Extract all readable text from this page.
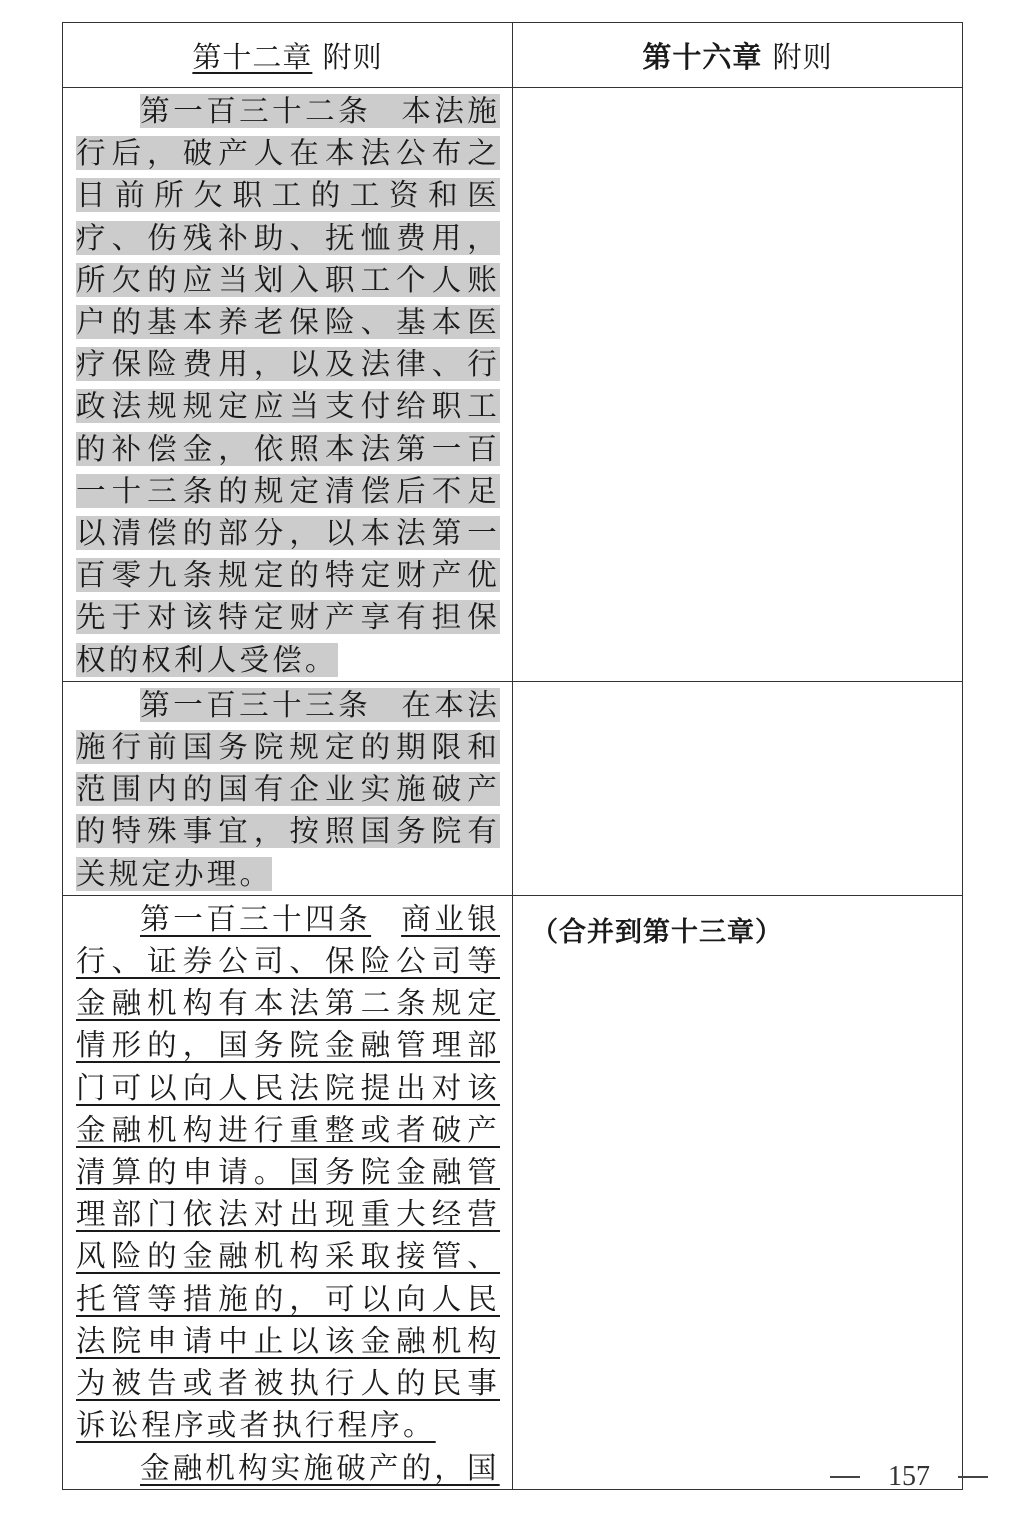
第十二章 附则	第十六章 附则

第一百三十二条 本法施行后，破产人在本法公布之日前所欠职工的工资和医疗、伤残补助、抚恤费用，所欠的应当划入职工个人账户的基本养老保险、基本医疗保险费用，以及法律、行政法规规定应当支付给职工的补偿金，依照本法第一百一十三条的规定清偿后不足以清偿的部分，以本法第一百零九条规定的特定财产优先于对该特定财产享有担保权的权利人受偿。	

第一百三十三条 在本法施行前国务院规定的期限和范围内的国有企业实施破产的特殊事宜，按照国务院有关规定办理。	

第一百三十四条 商业银行、证券公司、保险公司等金融机构有本法第二条规定情形的，国务院金融管理部门可以向人民法院提出对该金融机构进行重整或者破产清算的申请。国务院金融管理部门依法对出现重大经营风险的金融机构采取接管、托管等措施的，可以向人民法院申请中止以该金融机构为被告或者被执行人的民事诉讼程序或者执行程序。
金融机构实施破产的，国	（合并到第十三章）
157
